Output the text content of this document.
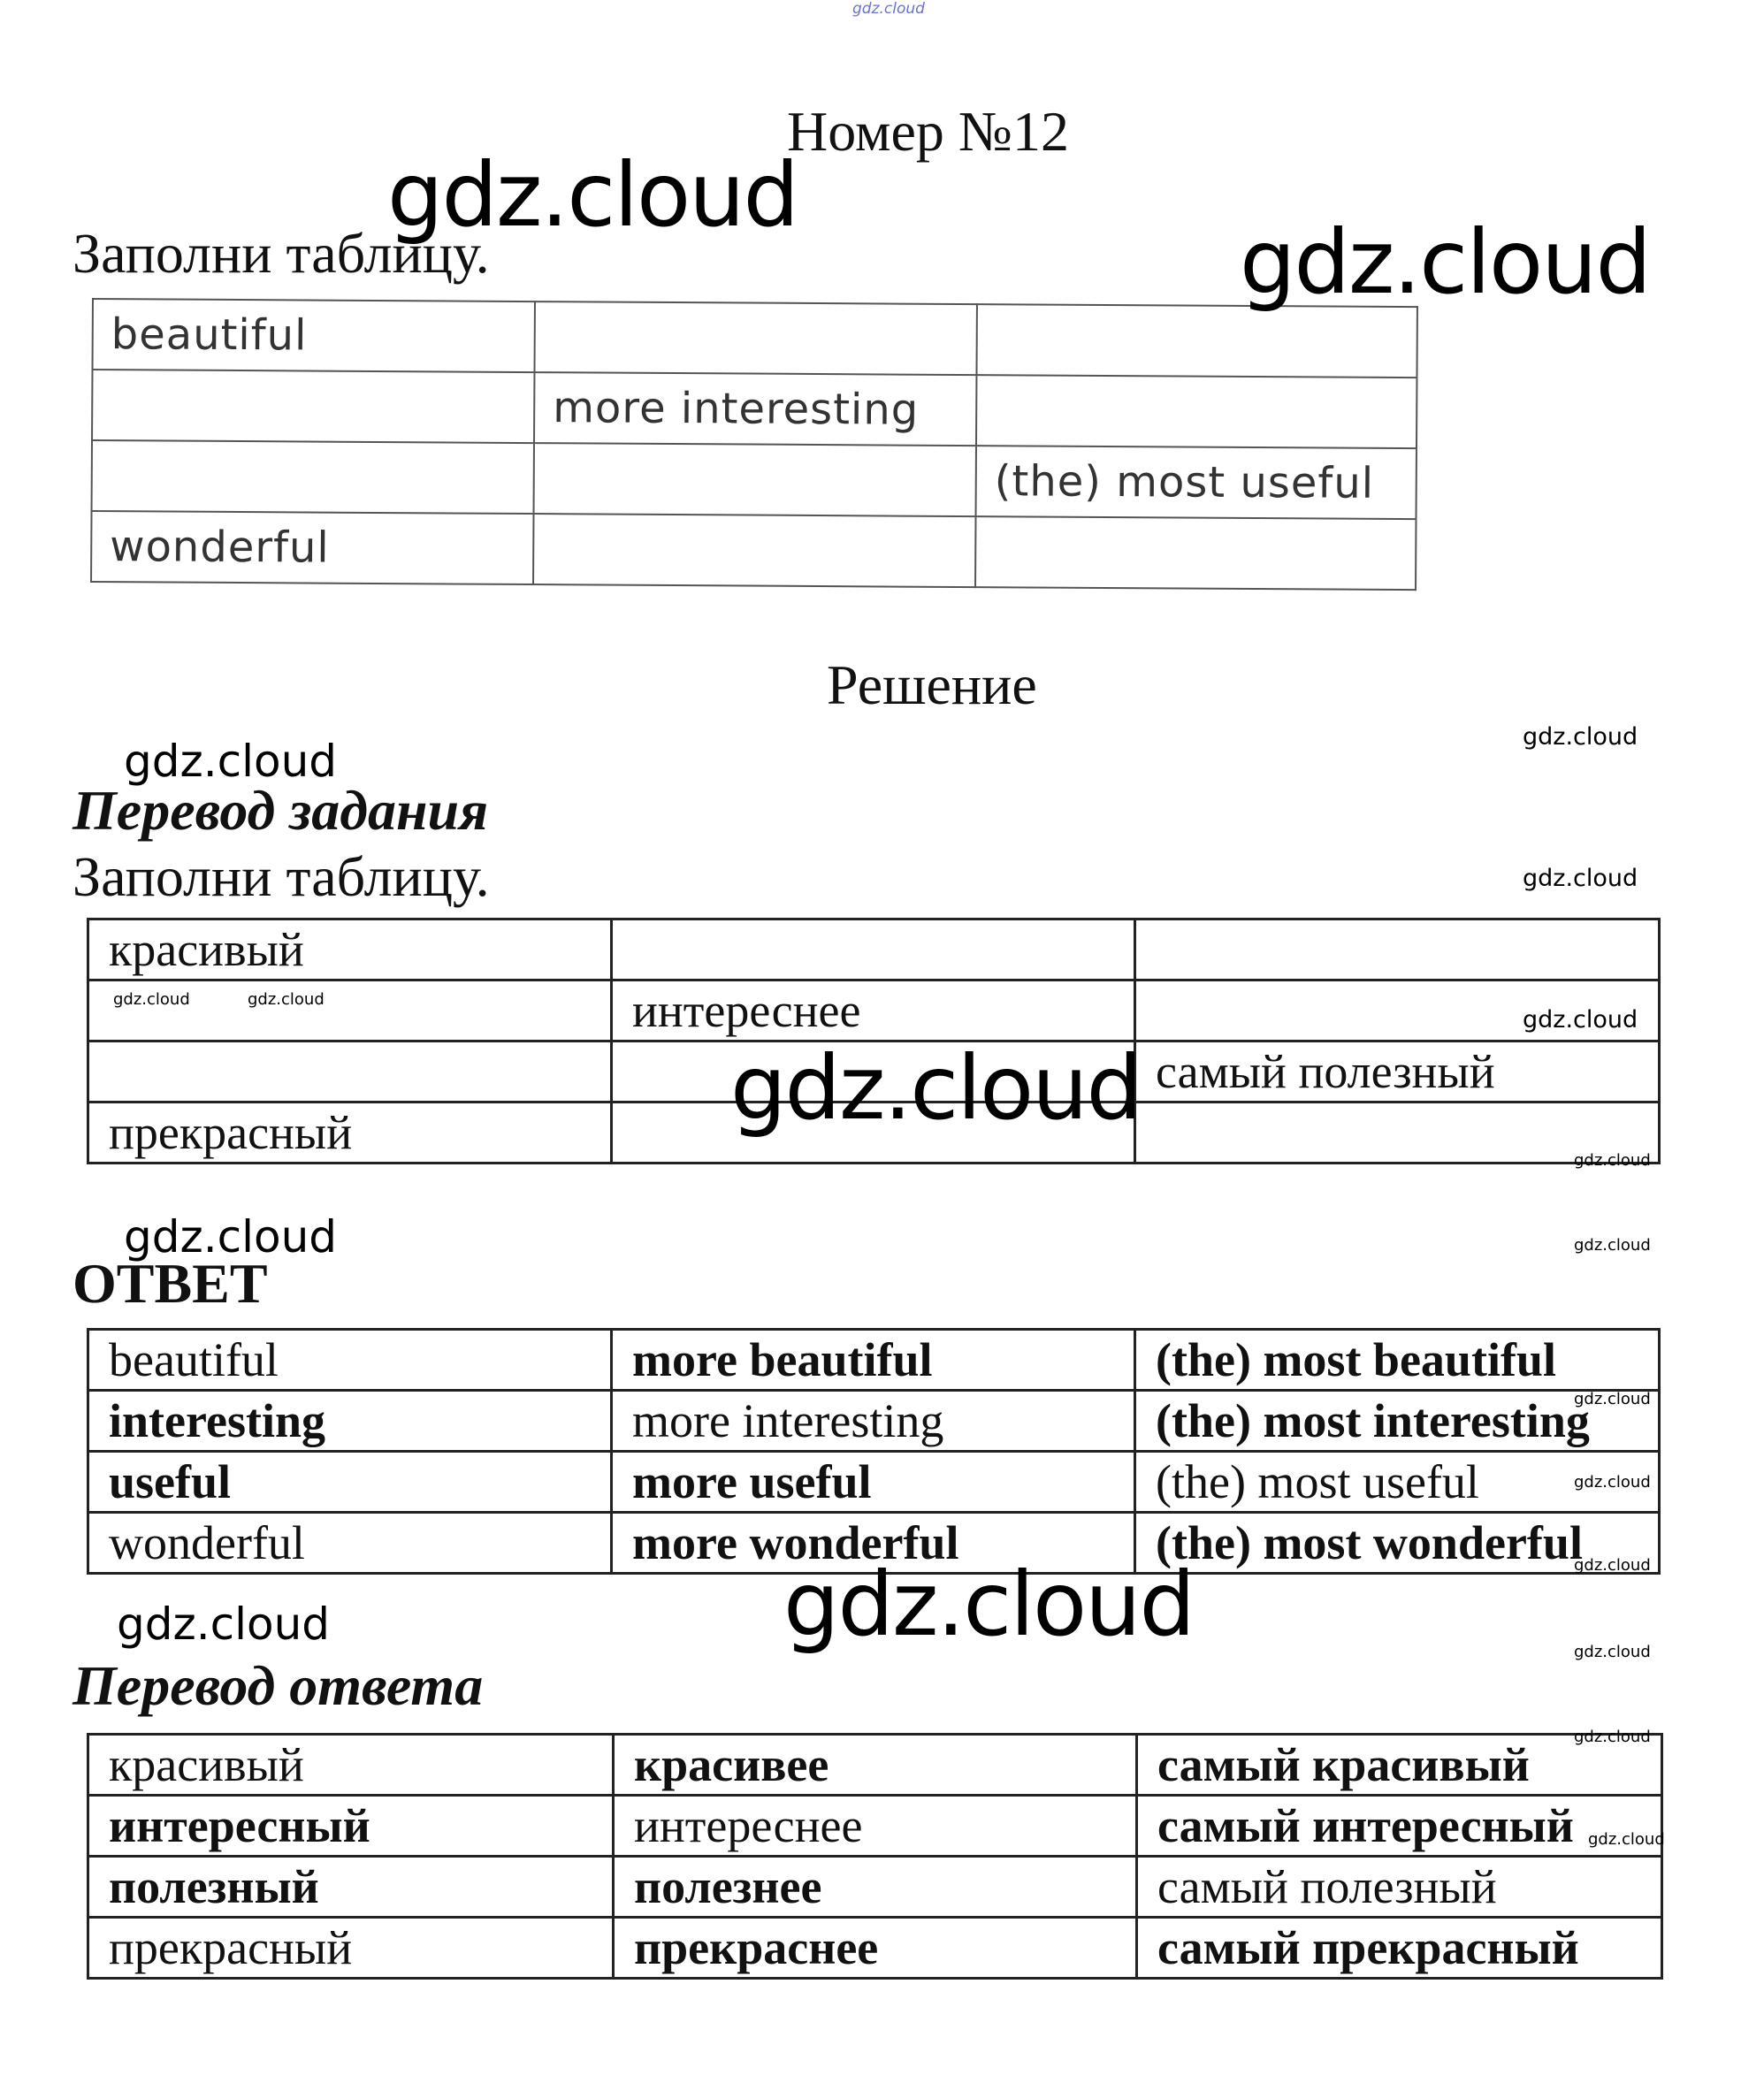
gdz.cloud
Номер №12
Заполни таблицу.
beautiful		
	more interesting	
		(the) most useful
wonderful		
Решение
Перевод задания
Заполни таблицу.
красивый		
	интереснее	
		самый полезный
прекрасный		
ОТВЕТ
beautiful	more beautiful	(the) most beautiful
interesting	more interesting	(the) most interesting
useful	more useful	(the) most useful
wonderful	more wonderful	(the) most wonderful
Перевод ответа
красивый	красивее	самый красивый
интересный	интереснее	самый интересный
полезный	полезнее	самый полезный
прекрасный	прекраснее	самый прекрасный
gdz.cloud
gdz.cloud
gdz.cloud	gdz.cloud
gdz.cloud
gdz.cloud	gdz.cloud
gdz.cloud
gdz.cloud
gdz.cloud
gdz.cloud	gdz.cloud
gdz.cloud
gdz.cloud
gdz.cloud
gdz.cloud
gdz.cloud
gdz.cloud
gdz.cloud
gdz.cloud
